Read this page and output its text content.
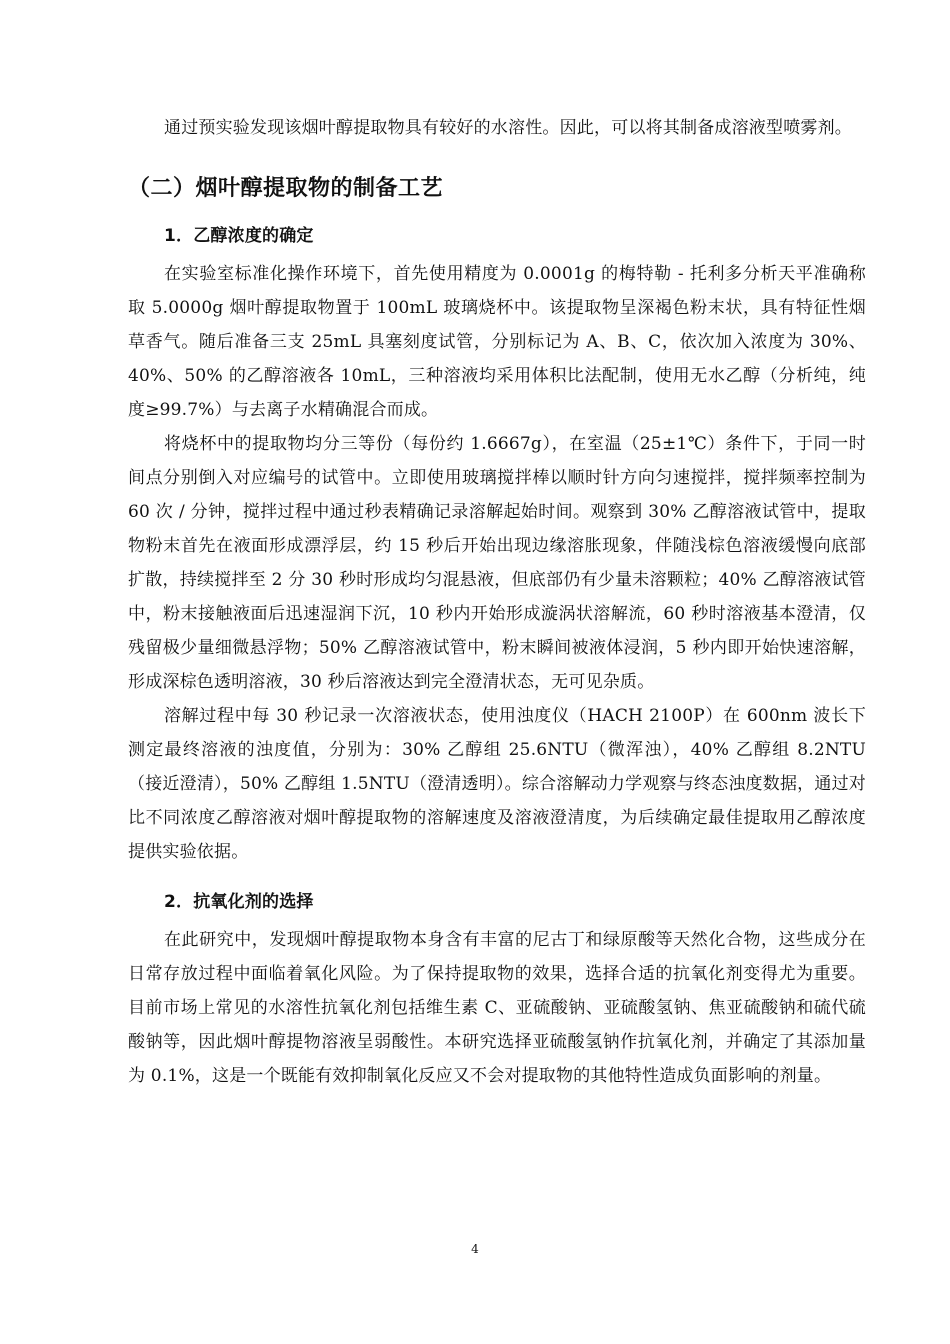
通过预实验发现该烟叶醇提取物具有较好的水溶性。因此，可以将其制备成溶液型喷雾剂。

（二）烟叶醇提取物的制备工艺

1．乙醇浓度的确定

在实验室标准化操作环境下，首先使用精度为 0.0001g 的梅特勒 - 托利多分析天平准确称取 5.0000g 烟叶醇提取物置于 100mL 玻璃烧杯中。该提取物呈深褐色粉末状，具有特征性烟草香气。随后准备三支 25mL 具塞刻度试管，分别标记为 A、B、C，依次加入浓度为 30%、40%、50% 的乙醇溶液各 10mL，三种溶液均采用体积比法配制，使用无水乙醇（分析纯，纯度≥99.7%）与去离子水精确混合而成。

将烧杯中的提取物均分三等份（每份约 1.6667g），在室温（25±1℃）条件下，于同一时间点分别倒入对应编号的试管中。立即使用玻璃搅拌棒以顺时针方向匀速搅拌，搅拌频率控制为 60 次 / 分钟，搅拌过程中通过秒表精确记录溶解起始时间。观察到 30% 乙醇溶液试管中，提取物粉末首先在液面形成漂浮层，约 15 秒后开始出现边缘溶胀现象，伴随浅棕色溶液缓慢向底部扩散，持续搅拌至 2 分 30 秒时形成均匀混悬液，但底部仍有少量未溶颗粒；40% 乙醇溶液试管中，粉末接触液面后迅速湿润下沉，10 秒内开始形成漩涡状溶解流，60 秒时溶液基本澄清，仅残留极少量细微悬浮物；50% 乙醇溶液试管中，粉末瞬间被液体浸润，5 秒内即开始快速溶解，形成深棕色透明溶液，30 秒后溶液达到完全澄清状态，无可见杂质。

溶解过程中每 30 秒记录一次溶液状态，使用浊度仪（HACH 2100P）在 600nm 波长下测定最终溶液的浊度值，分别为：30% 乙醇组 25.6NTU（微浑浊），40% 乙醇组 8.2NTU（接近澄清），50% 乙醇组 1.5NTU（澄清透明）。综合溶解动力学观察与终态浊度数据，通过对比不同浓度乙醇溶液对烟叶醇提取物的溶解速度及溶液澄清度，为后续确定最佳提取用乙醇浓度提供实验依据。

2．抗氧化剂的选择

在此研究中，发现烟叶醇提取物本身含有丰富的尼古丁和绿原酸等天然化合物，这些成分在日常存放过程中面临着氧化风险。为了保持提取物的效果，选择合适的抗氧化剂变得尤为重要。目前市场上常见的水溶性抗氧化剂包括维生素 C、亚硫酸钠、亚硫酸氢钠、焦亚硫酸钠和硫代硫酸钠等，因此烟叶醇提物溶液呈弱酸性。本研究选择亚硫酸氢钠作抗氧化剂，并确定了其添加量为 0.1%，这是一个既能有效抑制氧化反应又不会对提取物的其他特性造成负面影响的剂量。

4
